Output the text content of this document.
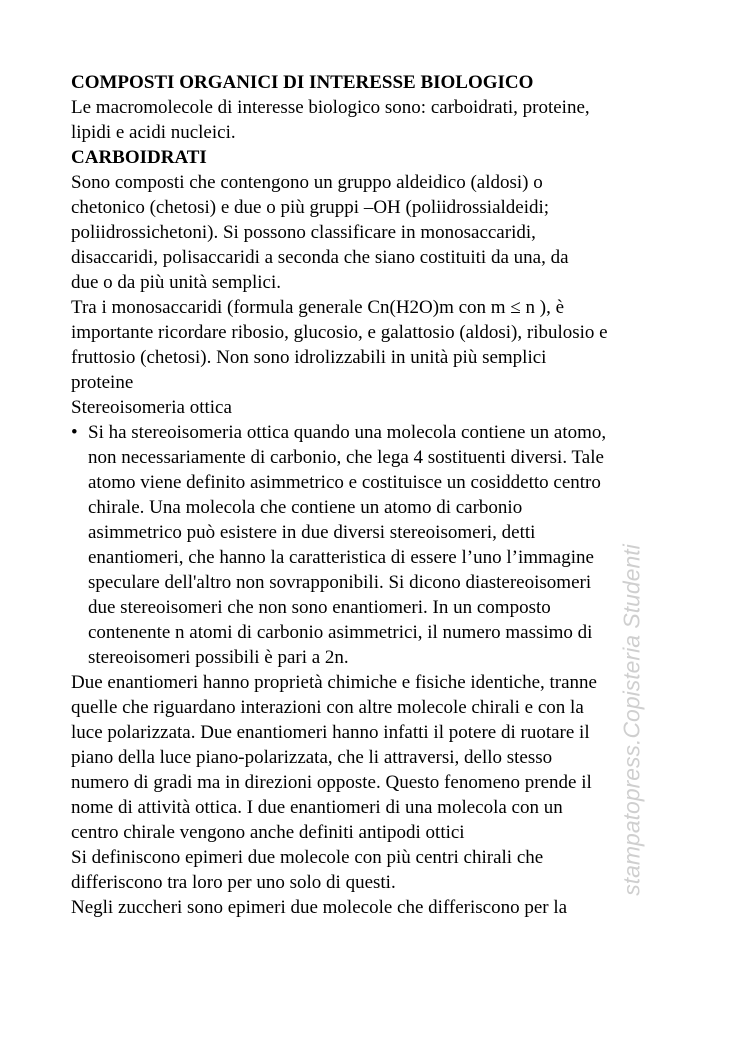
COMPOSTI ORGANICI DI INTERESSE BIOLOGICO
Le macromolecole di interesse biologico sono: carboidrati, proteine,
lipidi e acidi nucleici.
CARBOIDRATI
Sono composti che contengono un gruppo aldeidico (aldosi) o
chetonico (chetosi) e due o più gruppi –OH (poliidrossialdeidi;
poliidrossichetoni). Si possono classificare in monosaccaridi,
disaccaridi, polisaccaridi a seconda che siano costituiti da una, da
due o da più unità semplici.
Tra i monosaccaridi (formula generale Cn(H2O)m con m ≤ n ), è
importante ricordare ribosio, glucosio, e galattosio (aldosi), ribulosio e
fruttosio (chetosi). Non sono idrolizzabili in unità più semplici
proteine
Stereoisomeria ottica
• Si ha stereoisomeria ottica quando una molecola contiene un atomo,
non necessariamente di carbonio, che lega 4 sostituenti diversi. Tale
atomo viene definito asimmetrico e costituisce un cosiddetto centro
chirale. Una molecola che contiene un atomo di carbonio
asimmetrico può esistere in due diversi stereoisomeri, detti
enantiomeri, che hanno la caratteristica di essere l’uno l’immagine
speculare dell'altro non sovrapponibili. Si dicono diastereoisomeri
due stereoisomeri che non sono enantiomeri. In un composto
contenente n atomi di carbonio asimmetrici, il numero massimo di
stereoisomeri possibili è pari a 2n.
Due enantiomeri hanno proprietà chimiche e fisiche identiche, tranne
quelle che riguardano interazioni con altre molecole chirali e con la
luce polarizzata. Due enantiomeri hanno infatti il potere di ruotare il
piano della luce piano-polarizzata, che li attraversi, dello stesso
numero di gradi ma in direzioni opposte. Questo fenomeno prende il
nome di attività ottica. I due enantiomeri di una molecola con un
centro chirale vengono anche definiti antipodi ottici
Si definiscono epimeri due molecole con più centri chirali che
differiscono tra loro per uno solo di questi.
Negli zuccheri sono epimeri due molecole che differiscono per la
stampatopress.Copisteria Studenti
